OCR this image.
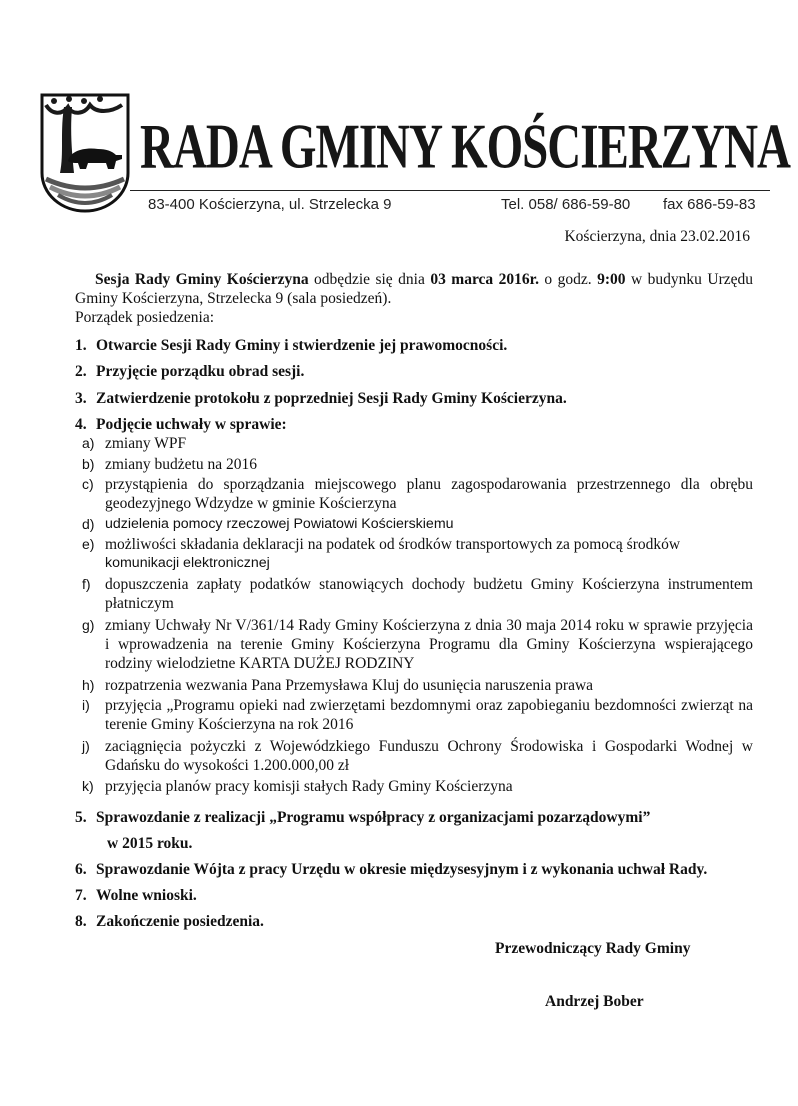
RADA GMINY KOŚCIERZYNA
83-400 Kościerzyna, ul. Strzelecka 9	Tel. 058/ 686-59-80 fax 686-59-83
Kościerzyna, dnia 23.02.2016

Sesja Rady Gminy Kościerzyna odbędzie się dnia 03 marca 2016r. o godz. 9:00 w budynku Urzędu Gminy Kościerzyna, Strzelecka 9 (sala posiedzeń).

Porządek posiedzenia:

1. Otwarcie Sesji Rady Gminy i stwierdzenie jej prawomocności.
2. Przyjęcie porządku obrad sesji.
3. Zatwierdzenie protokołu z poprzedniej Sesji Rady Gminy Kościerzyna.
4. Podjęcie uchwały w sprawie:
a) zmiany WPF
b) zmiany budżetu na 2016
c) przystąpienia do sporządzania miejscowego planu zagospodarowania przestrzennego dla obrębu geodezyjnego Wdzydze w gminie Kościerzyna
d) udzielenia pomocy rzeczowej Powiatowi Kościerskiemu
e) możliwości składania deklaracji na podatek od środków transportowych za pomocą środków
komunikacji elektronicznej
f) dopuszczenia zapłaty podatków stanowiących dochody budżetu Gminy Kościerzyna instrumentem płatniczym
g) zmiany Uchwały Nr V/361/14 Rady Gminy Kościerzyna z dnia 30 maja 2014 roku w sprawie przyjęcia i wprowadzenia na terenie Gminy Kościerzyna Programu dla Gminy Kościerzyna wspierającego rodziny wielodzietne KARTA DUŻEJ RODZINY
h) rozpatrzenia wezwania Pana Przemysława Kluj do usunięcia naruszenia prawa
i) przyjęcia „Programu opieki nad zwierzętami bezdomnymi oraz zapobieganiu bezdomności zwierząt na terenie Gminy Kościerzyna na rok 2016
j) zaciągnięcia pożyczki z Wojewódzkiego Funduszu Ochrony Środowiska i Gospodarki Wodnej w Gdańsku do wysokości 1.200.000,00 zł
k) przyjęcia planów pracy komisji stałych Rady Gminy Kościerzyna
5. Sprawozdanie z realizacji „Programu współpracy z organizacjami pozarządowymi”
w 2015 roku.
6. Sprawozdanie Wójta z pracy Urzędu w okresie międzysesyjnym i z wykonania uchwał Rady.
7. Wolne wnioski.
8. Zakończenie posiedzenia.
Przewodniczący Rady Gminy
Andrzej Bober
